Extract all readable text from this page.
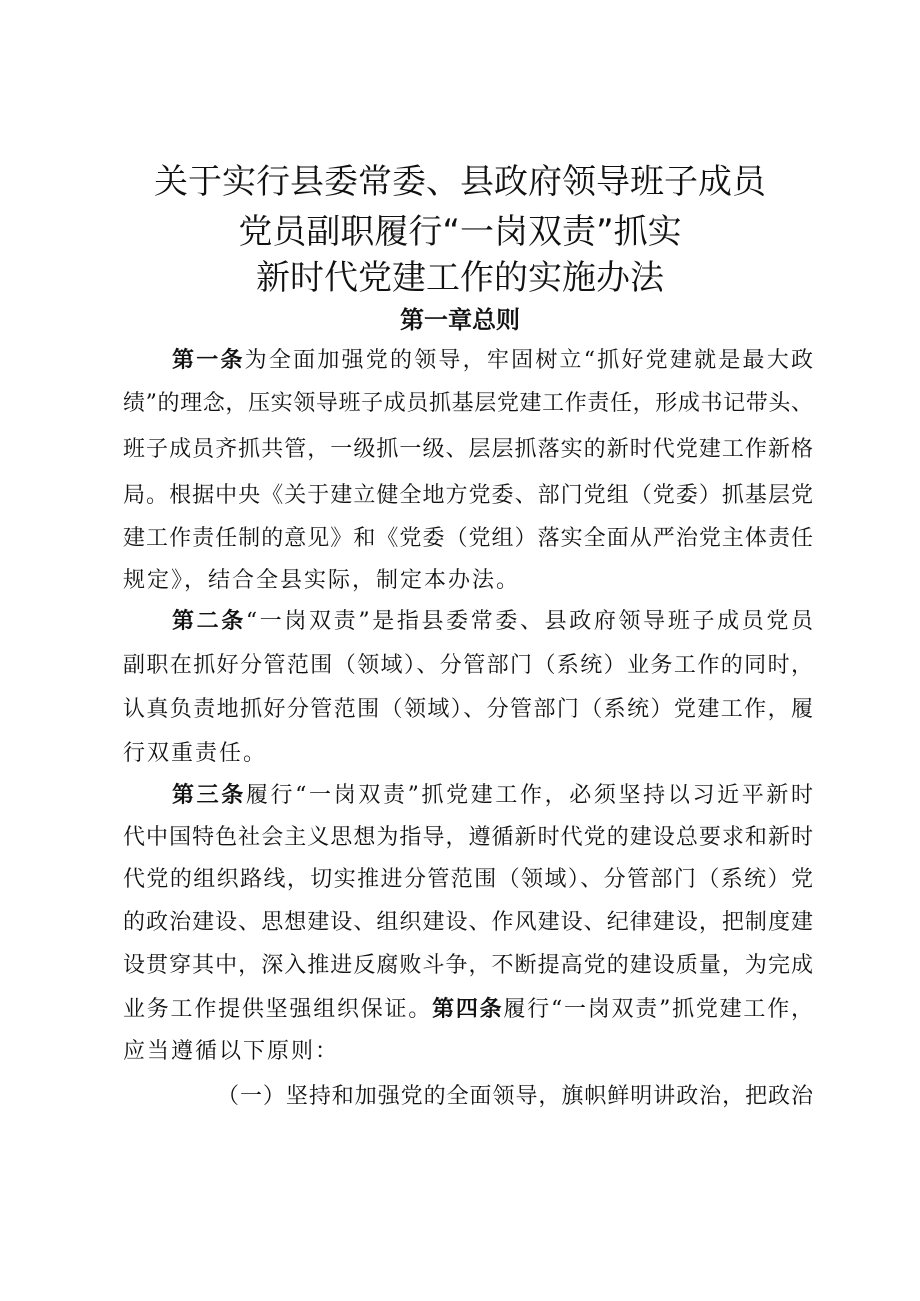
关于实行县委常委、县政府领导班子成员
党员副职履行“一岗双责”抓实
新时代党建工作的实施办法
第一章总则
第一条为全面加强党的领导，牢固树立“抓好党建就是最大政
绩”的理念，压实领导班子成员抓基层党建工作责任，形成书记带头、
班子成员齐抓共管，一级抓一级、层层抓落实的新时代党建工作新格
局。根据中央《关于建立健全地方党委、部门党组（党委）抓基层党
建工作责任制的意见》和《党委（党组）落实全面从严治党主体责任
规定》，结合全县实际，制定本办法。
第二条“一岗双责”是指县委常委、县政府领导班子成员党员
副职在抓好分管范围（领域）、分管部门（系统）业务工作的同时，
认真负责地抓好分管范围（领域）、分管部门（系统）党建工作，履
行双重责任。
第三条履行“一岗双责”抓党建工作，必须坚持以习近平新时
代中国特色社会主义思想为指导，遵循新时代党的建设总要求和新时
代党的组织路线，切实推进分管范围（领域）、分管部门（系统）党
的政治建设、思想建设、组织建设、作风建设、纪律建设，把制度建
设贯穿其中，深入推进反腐败斗争，不断提高党的建设质量，为完成
业务工作提供坚强组织保证。第四条履行“一岗双责”抓党建工作，
应当遵循以下原则：
（一）坚持和加强党的全面领导，旗帜鲜明讲政治，把政治
